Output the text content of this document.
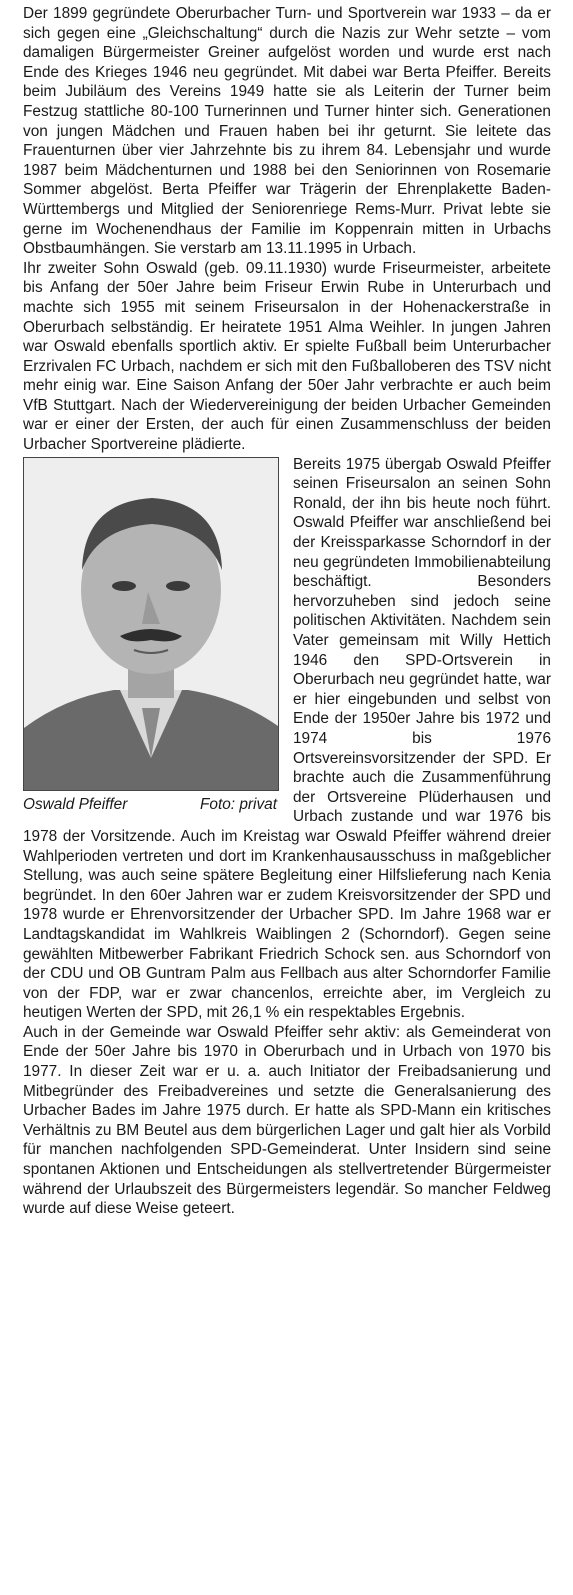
Der 1899 gegründete Oberurbacher Turn- und Sportverein war 1933 – da er sich gegen eine „Gleichschaltung“ durch die Nazis zur Wehr setzte – vom damaligen Bürgermeister Greiner aufgelöst worden und wurde erst nach Ende des Krieges 1946 neu gegründet. Mit dabei war Berta Pfeiffer. Bereits beim Jubiläum des Vereins 1949 hatte sie als Leiterin der Turner beim Festzug stattliche 80-100 Turnerinnen und Turner hinter sich. Generationen von jungen Mädchen und Frauen haben bei ihr geturnt. Sie leitete das Frauenturnen über vier Jahrzehnte bis zu ihrem 84. Lebensjahr und wurde 1987 beim Mädchenturnen und 1988 bei den Seniorinnen von Rosemarie Sommer abgelöst. Berta Pfeiffer war Trägerin der Ehrenplakette Baden-Württembergs und Mitglied der Seniorenriege Rems-Murr. Privat lebte sie gerne im Wochenendhaus der Familie im Koppenrain mitten in Urbachs Obstbaumhängen. Sie verstarb am 13.11.1995 in Urbach.

Ihr zweiter Sohn Oswald (geb. 09.11.1930) wurde Friseurmeister, arbeitete bis Anfang der 50er Jahre beim Friseur Erwin Rube in Unterurbach und machte sich 1955 mit seinem Friseursalon in der Hohenackerstraße in Oberurbach selbständig. Er heiratete 1951 Alma Weihler. In jungen Jahren war Oswald ebenfalls sportlich aktiv. Er spielte Fußball beim Unterurbacher Erzrivalen FC Urbach, nachdem er sich mit den Fußballoberen des TSV nicht mehr einig war. Eine Saison Anfang der 50er Jahr verbrachte er auch beim VfB Stuttgart. Nach der Wiedervereinigung der beiden Urbacher Gemeinden war er einer der Ersten, der auch für einen Zusammenschluss der beiden Urbacher Sportvereine plädierte.

Oswald Pfeiffer	Foto: privat

Bereits 1975 übergab Oswald Pfeiffer seinen Friseursalon an seinen Sohn Ronald, der ihn bis heute noch führt. Oswald Pfeiffer war anschließend bei der Kreissparkasse Schorndorf in der neu gegründeten Immobilienabteilung beschäftigt. Besonders hervorzuheben sind jedoch seine politischen Aktivitäten. Nachdem sein Vater gemeinsam mit Willy Hettich 1946 den SPD-Ortsverein in Oberurbach neu gegründet hatte, war er hier eingebunden und selbst von Ende der 1950er Jahre bis 1972 und 1974 bis 1976 Ortsvereinsvorsitzender der SPD. Er brachte auch die Zusammenführung der Ortsvereine Plüderhausen und Urbach zustande und war 1976 bis 1978 der Vorsitzende. Auch im Kreistag war Oswald Pfeiffer während dreier Wahlperioden vertreten und dort im Krankenhausausschuss in maßgeblicher Stellung, was auch seine spätere Begleitung einer Hilfslieferung nach Kenia begründet. In den 60er Jahren war er zudem Kreisvorsitzender der SPD und 1978 wurde er Ehrenvorsitzender der Urbacher SPD. Im Jahre 1968 war er Landtagskandidat im Wahlkreis Waiblingen 2 (Schorndorf). Gegen seine gewählten Mitbewerber Fabrikant Friedrich Schock sen. aus Schorndorf von der CDU und OB Guntram Palm aus Fellbach aus alter Schorndorfer Familie von der FDP, war er zwar chancenlos, erreichte aber, im Vergleich zu heutigen Werten der SPD, mit 26,1 % ein respektables Ergebnis.

Auch in der Gemeinde war Oswald Pfeiffer sehr aktiv: als Gemeinderat von Ende der 50er Jahre bis 1970 in Oberurbach und in Urbach von 1970 bis 1977. In dieser Zeit war er u. a. auch Initiator der Freibadsanierung und Mitbegründer des Freibadvereines und setzte die Generalsanierung des Urbacher Bades im Jahre 1975 durch. Er hatte als SPD-Mann ein kritisches Verhältnis zu BM Beutel aus dem bürgerlichen Lager und galt hier als Vorbild für manchen nachfolgenden SPD-Gemeinderat. Unter Insidern sind seine spontanen Aktionen und Entscheidungen als stellvertretender Bürgermeister während der Urlaubszeit des Bürgermeisters legendär. So mancher Feldweg wurde auf diese Weise geteert.
